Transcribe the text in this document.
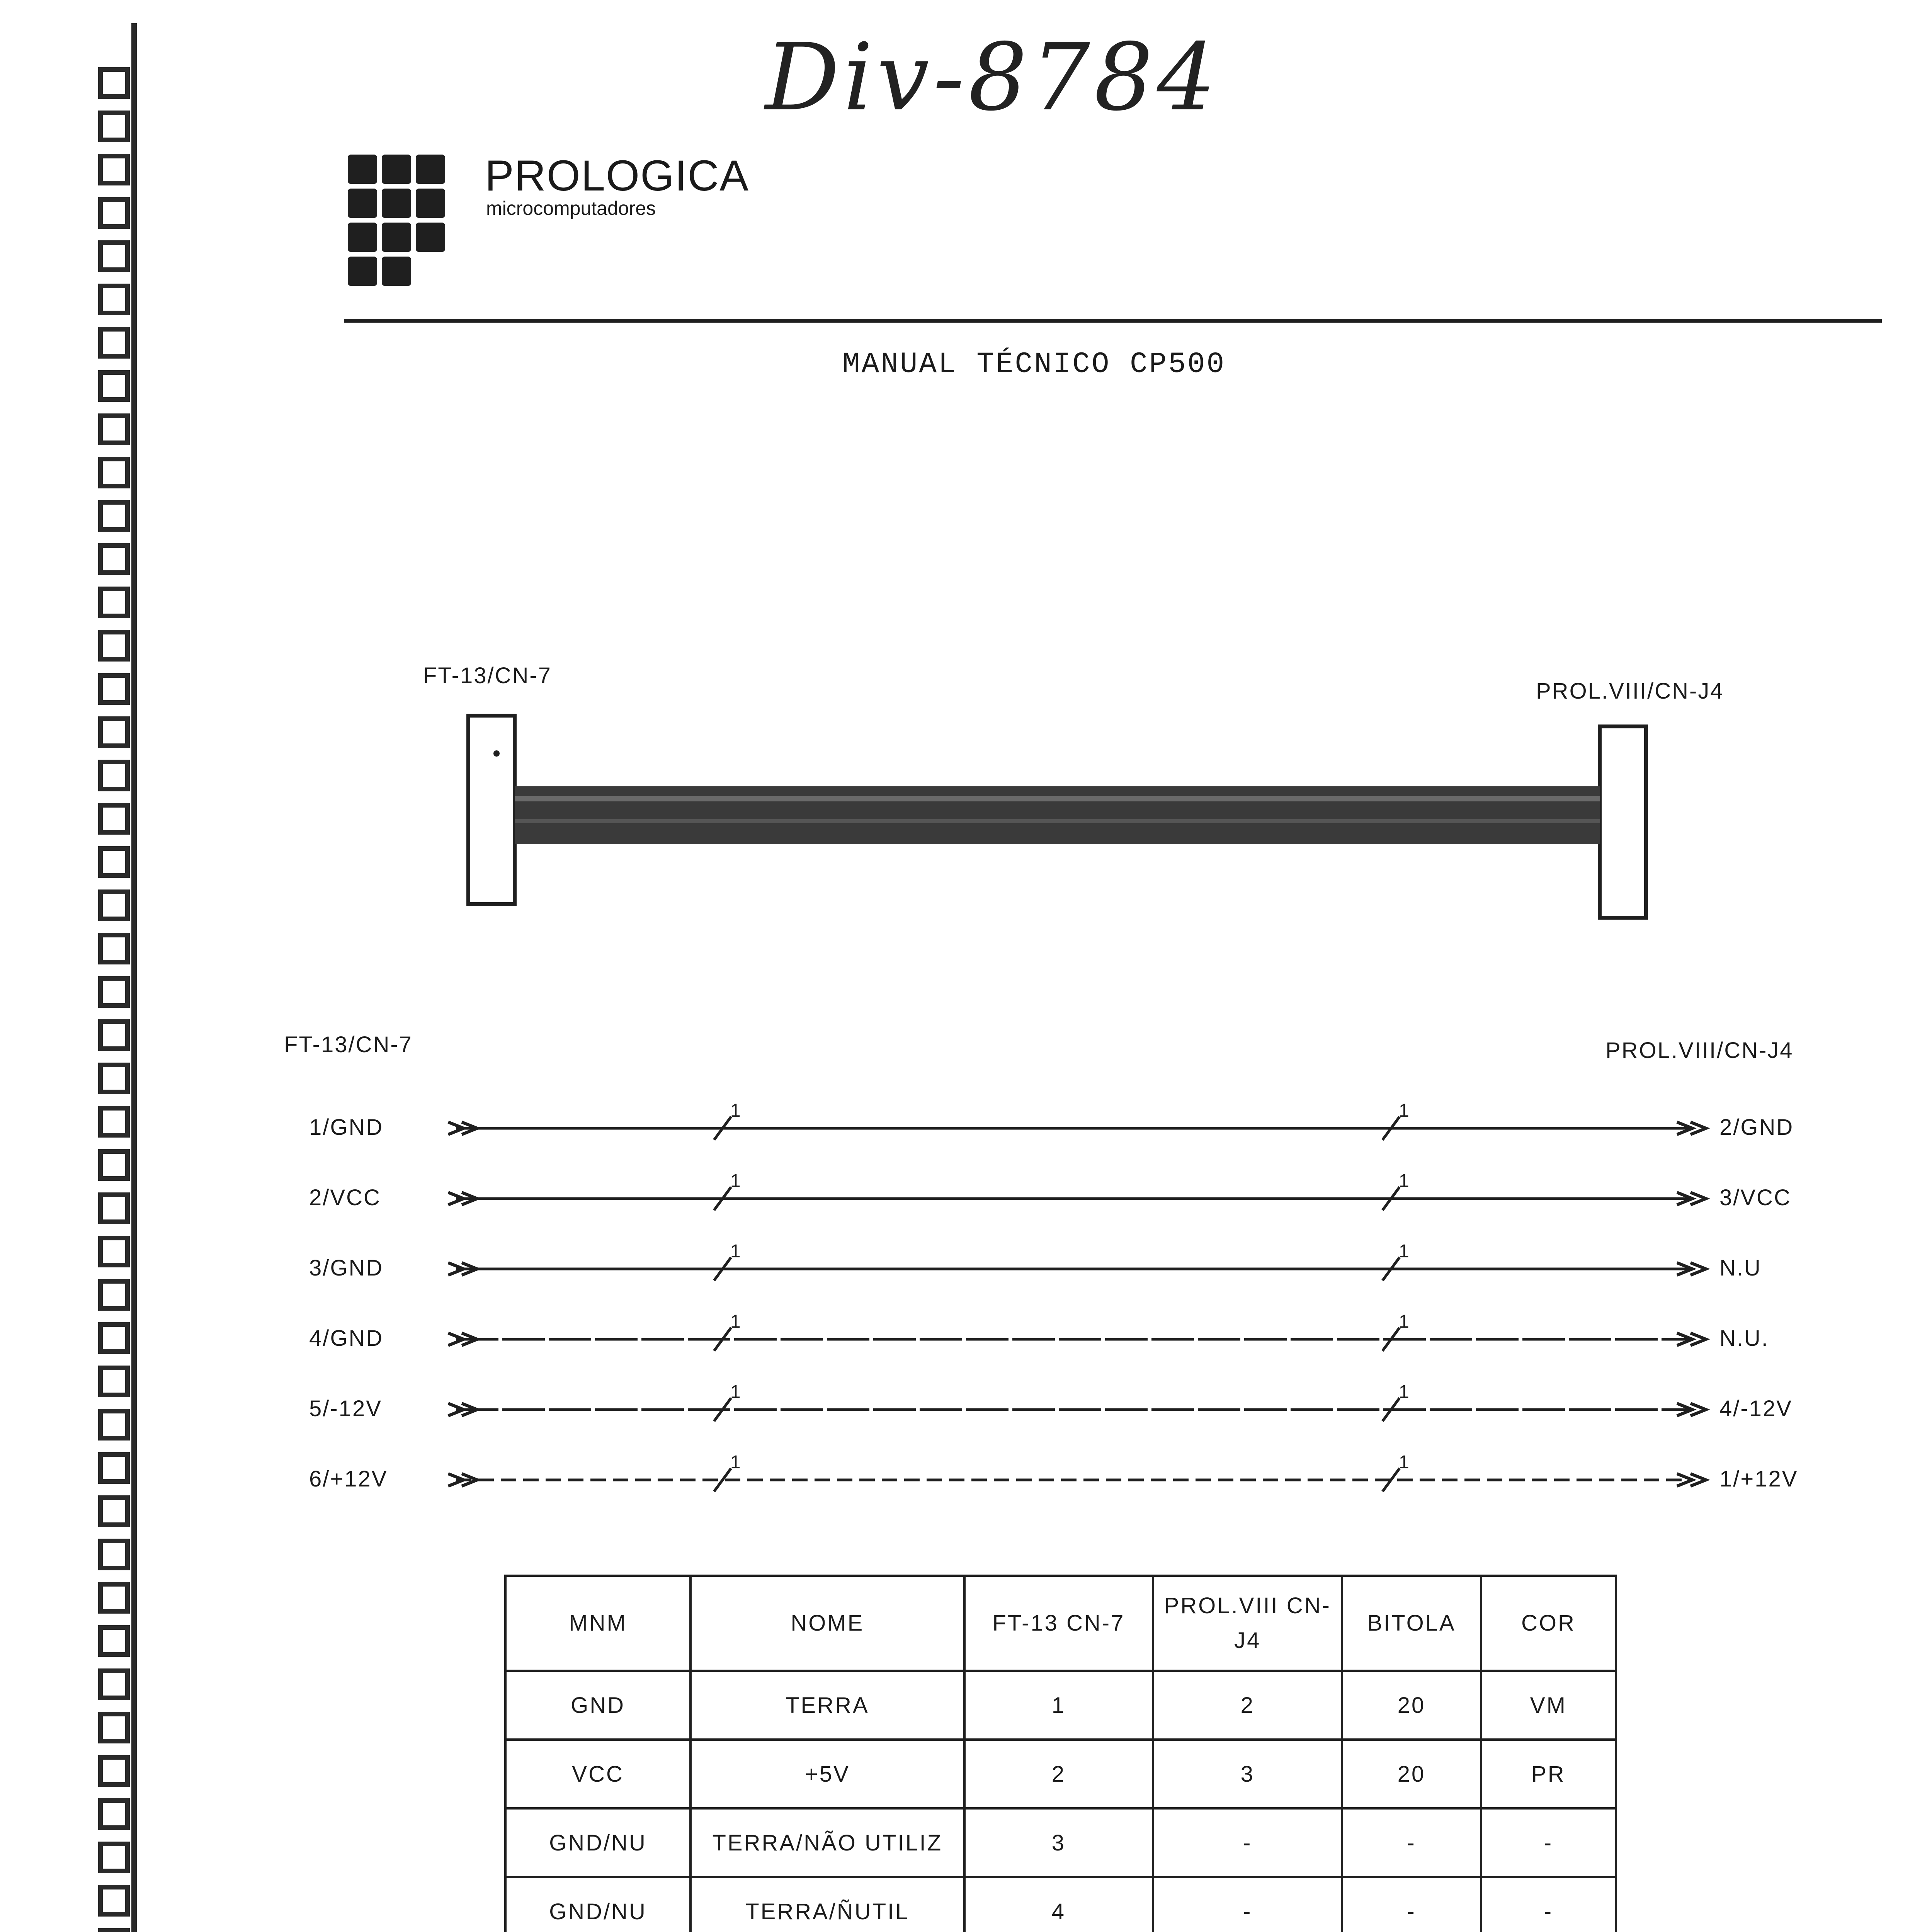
Div-8784
PROLOGICA
microcomputadores
MANUAL TÉCNICO CP500
FT-13/CN-7
PROL.VIII/CN-J4
1	1
1	1
1	1
1	1
1	1
1	1
FT-13/CN-7	PROL.VIII/CN-J4
1/GND	2/GND
2/VCC	3/VCC
3/GND	N.U
4/GND	N.U.
5/-12V	4/-12V
6/+12V	1/+12V
MNM	NOME	FT-13 CN-7	PROL.VIII CN-J4	BITOLA	COR
GND	TERRA	1	2	20	VM
VCC	+5V	2	3	20	PR
GND/NU	TERRA/NÃO UTILIZ	3	-	-	-
GND/NU	TERRA/ÑUTIL	4	-	-	-
